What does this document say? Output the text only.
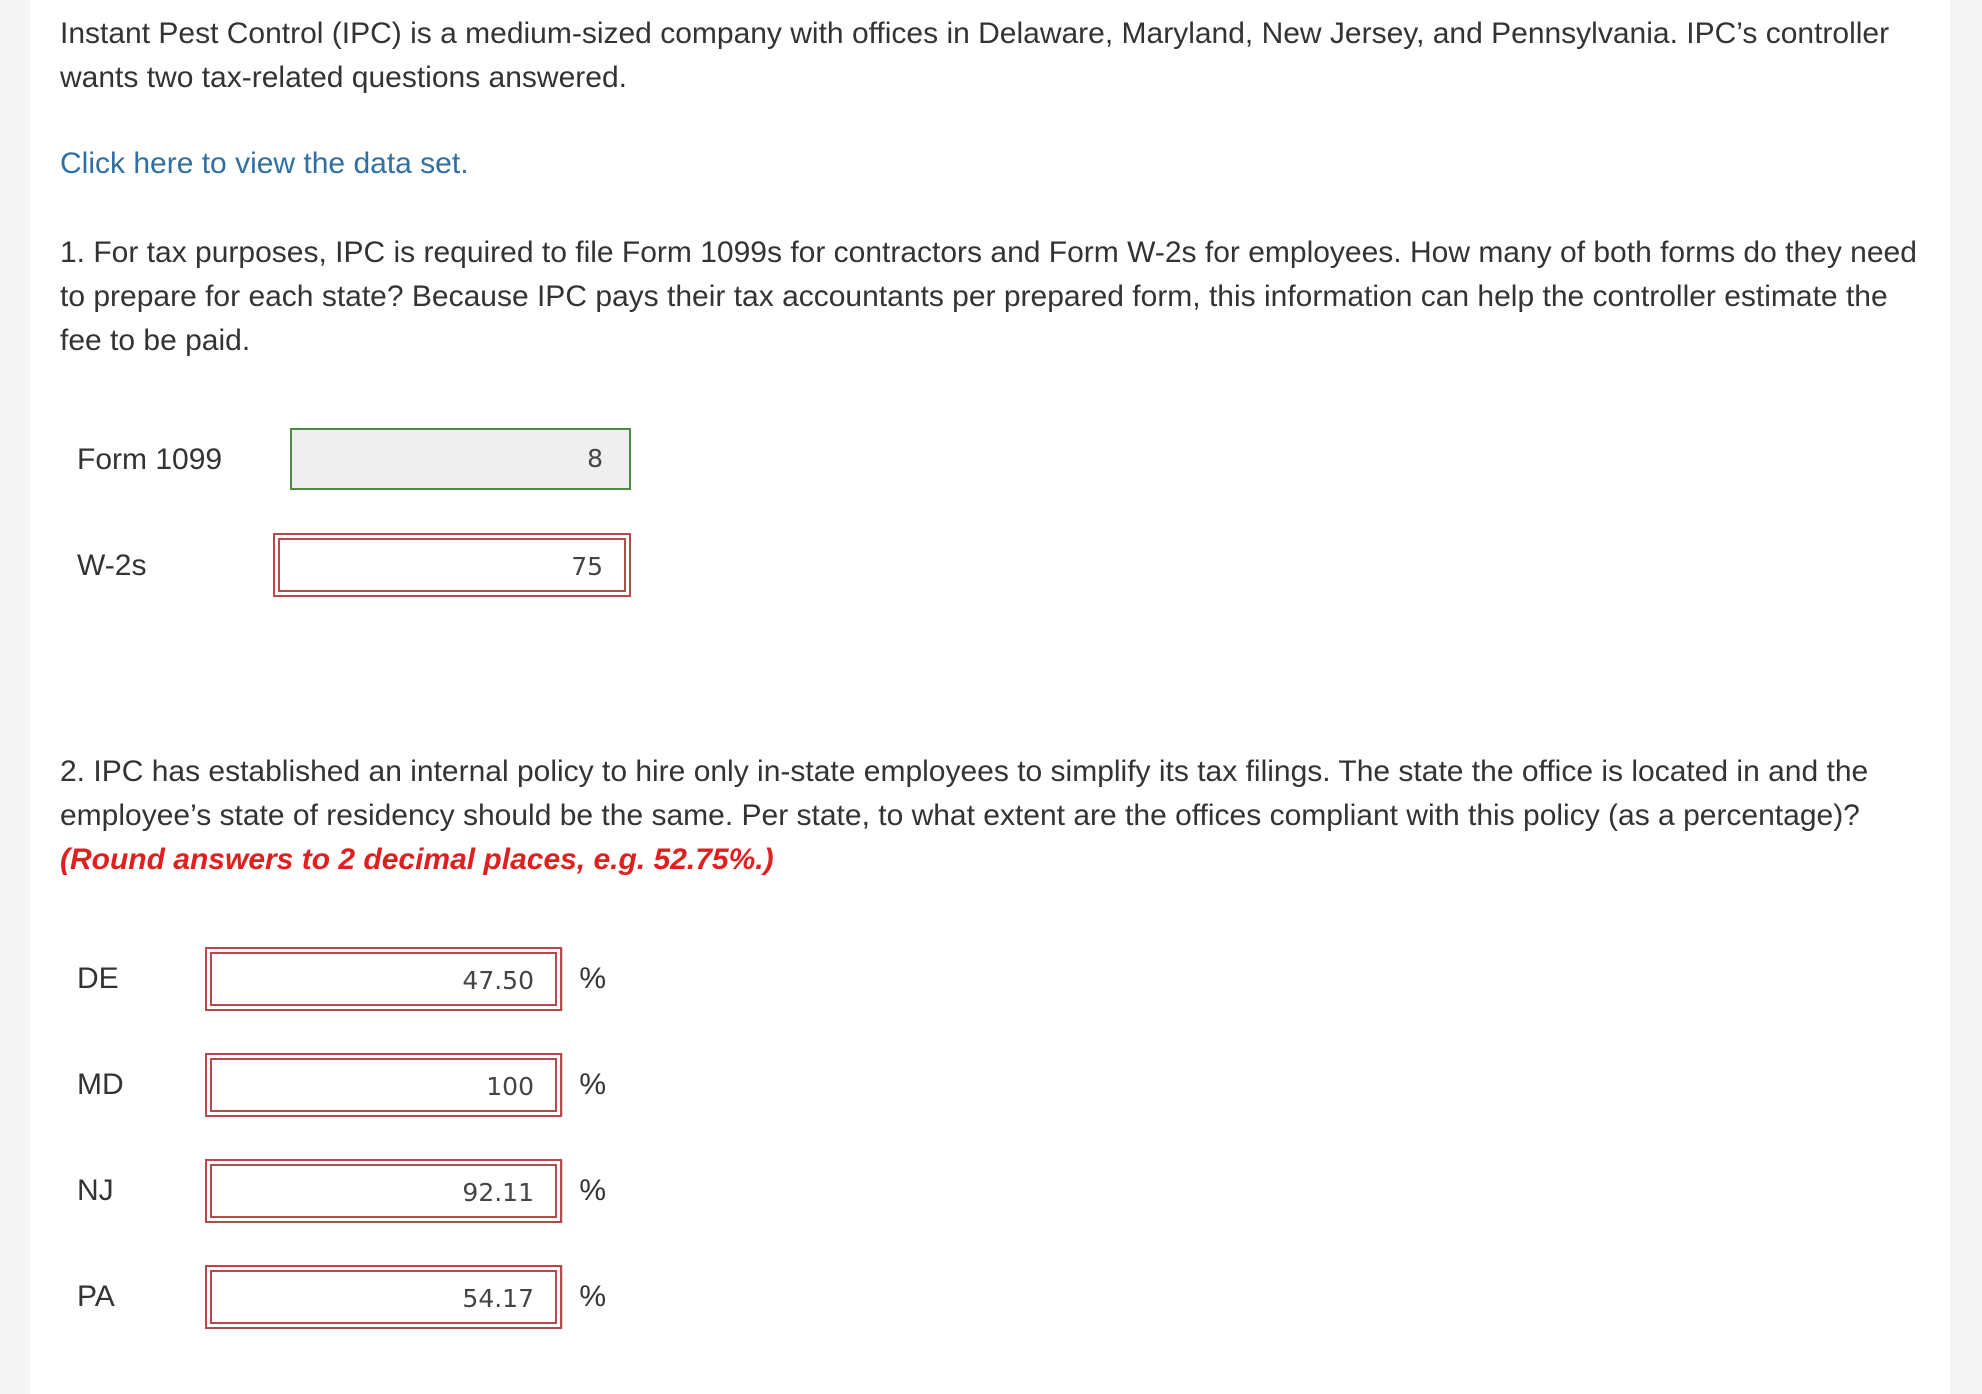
Instant Pest Control (IPC) is a medium-sized company with offices in Delaware, Maryland, New Jersey, and Pennsylvania. IPC’s controller wants two tax-related questions answered.

Click here to view the data set.

1. For tax purposes, IPC is required to file Form 1099s for contractors and Form W-2s for employees. How many of both forms do they need to prepare for each state? Because IPC pays their tax accountants per prepared form, this information can help the controller estimate the fee to be paid.

Form 1099	8
W-2s	75

2. IPC has established an internal policy to hire only in-state employees to simplify its tax filings. The state the office is located in and the employee’s state of residency should be the same. Per state, to what extent are the offices compliant with this policy (as a percentage)? (Round answers to 2 decimal places, e.g. 52.75%.)

DE	47.50	%
MD	100	%
NJ	92.11	%
PA	54.17	%
